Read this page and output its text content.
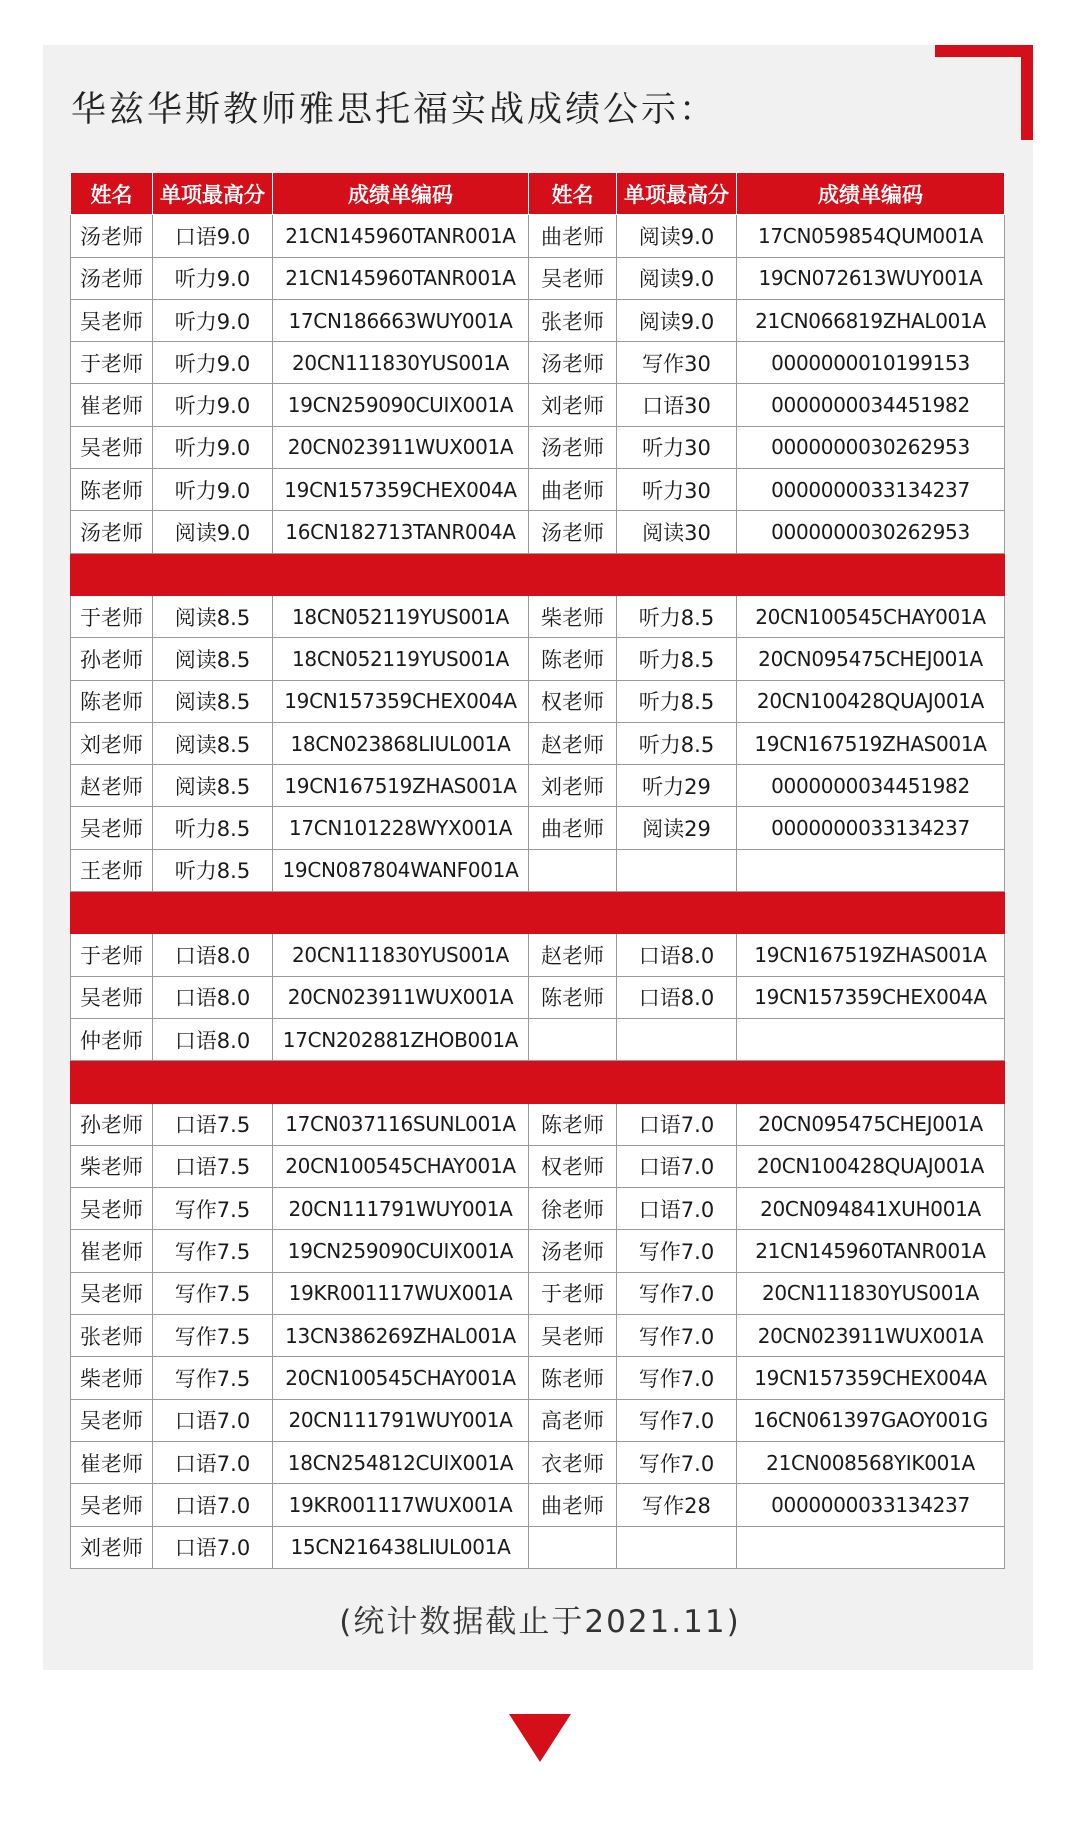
华兹华斯教师雅思托福实战成绩公示：
姓名	单项最高分	成绩单编码	姓名	单项最高分	成绩单编码
汤老师	口语9.0	21CN145960TANR001A	曲老师	阅读9.0	17CN059854QUM001A
汤老师	听力9.0	21CN145960TANR001A	吴老师	阅读9.0	19CN072613WUY001A
吴老师	听力9.0	17CN186663WUY001A	张老师	阅读9.0	21CN066819ZHAL001A
于老师	听力9.0	20CN111830YUS001A	汤老师	写作30	0000000010199153
崔老师	听力9.0	19CN259090CUIX001A	刘老师	口语30	0000000034451982
吴老师	听力9.0	20CN023911WUX001A	汤老师	听力30	0000000030262953
陈老师	听力9.0	19CN157359CHEX004A	曲老师	听力30	0000000033134237
汤老师	阅读9.0	16CN182713TANR004A	汤老师	阅读30	0000000030262953

于老师	阅读8.5	18CN052119YUS001A	柴老师	听力8.5	20CN100545CHAY001A
孙老师	阅读8.5	18CN052119YUS001A	陈老师	听力8.5	20CN095475CHEJ001A
陈老师	阅读8.5	19CN157359CHEX004A	权老师	听力8.5	20CN100428QUAJ001A
刘老师	阅读8.5	18CN023868LIUL001A	赵老师	听力8.5	19CN167519ZHAS001A
赵老师	阅读8.5	19CN167519ZHAS001A	刘老师	听力29	0000000034451982
吴老师	听力8.5	17CN101228WYX001A	曲老师	阅读29	0000000033134237
王老师	听力8.5	19CN087804WANF001A			

于老师	口语8.0	20CN111830YUS001A	赵老师	口语8.0	19CN167519ZHAS001A
吴老师	口语8.0	20CN023911WUX001A	陈老师	口语8.0	19CN157359CHEX004A
仲老师	口语8.0	17CN202881ZHOB001A			

孙老师	口语7.5	17CN037116SUNL001A	陈老师	口语7.0	20CN095475CHEJ001A
柴老师	口语7.5	20CN100545CHAY001A	权老师	口语7.0	20CN100428QUAJ001A
吴老师	写作7.5	20CN111791WUY001A	徐老师	口语7.0	20CN094841XUH001A
崔老师	写作7.5	19CN259090CUIX001A	汤老师	写作7.0	21CN145960TANR001A
吴老师	写作7.5	19KR001117WUX001A	于老师	写作7.0	20CN111830YUS001A
张老师	写作7.5	13CN386269ZHAL001A	吴老师	写作7.0	20CN023911WUX001A
柴老师	写作7.5	20CN100545CHAY001A	陈老师	写作7.0	19CN157359CHEX004A
吴老师	口语7.0	20CN111791WUY001A	高老师	写作7.0	16CN061397GAOY001G
崔老师	口语7.0	18CN254812CUIX001A	衣老师	写作7.0	21CN008568YIK001A
吴老师	口语7.0	19KR001117WUX001A	曲老师	写作28	0000000033134237
刘老师	口语7.0	15CN216438LIUL001A			
(统计数据截止于2021.11)
